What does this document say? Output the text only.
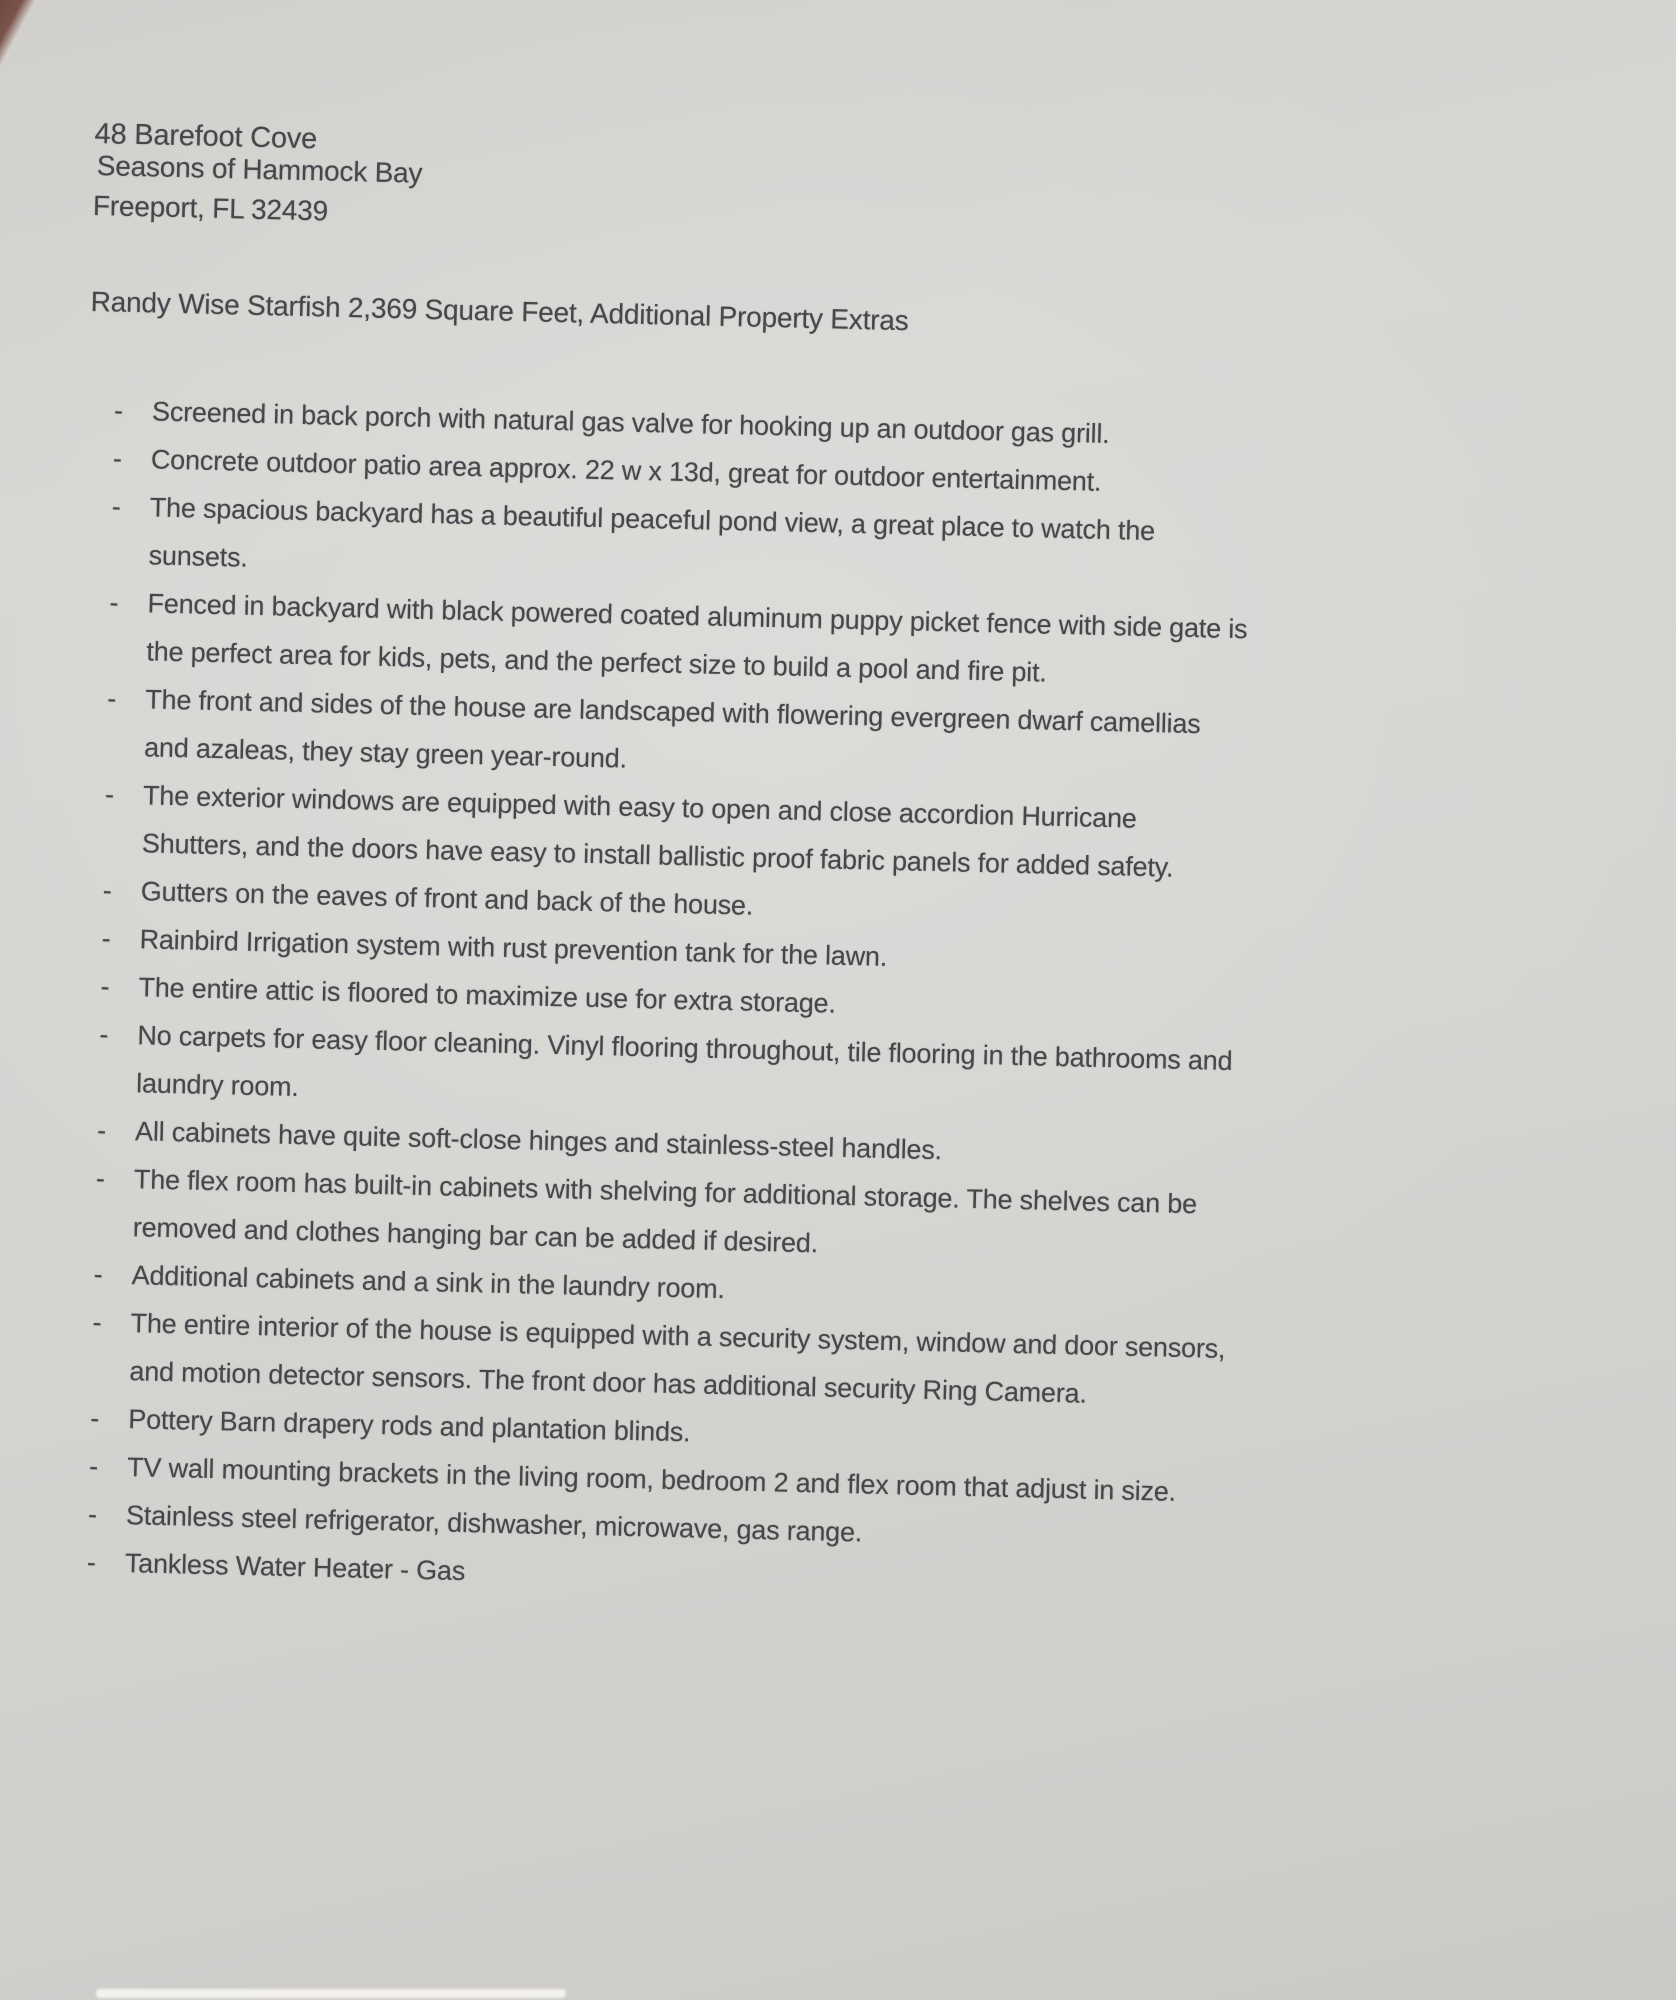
48 Barefoot Cove
Seasons of Hammock Bay
Freeport, FL 32439
Randy Wise Starfish 2,369 Square Feet, Additional Property Extras
-	Screened in back porch with natural gas valve for hooking up an outdoor gas grill.
-	Concrete outdoor patio area approx. 22 w x 13d, great for outdoor entertainment.
-	The spacious backyard has a beautiful peaceful pond view, a great place to watch the sunsets.
-	Fenced in backyard with black powered coated aluminum puppy picket fence with side gate is the perfect area for kids, pets, and the perfect size to build a pool and fire pit.
-	The front and sides of the house are landscaped with flowering evergreen dwarf camellias and azaleas, they stay green year-round.
-	The exterior windows are equipped with easy to open and close accordion Hurricane Shutters, and the doors have easy to install ballistic proof fabric panels for added safety.
-	Gutters on the eaves of front and back of the house.
-	Rainbird Irrigation system with rust prevention tank for the lawn.
-	The entire attic is floored to maximize use for extra storage.
-	No carpets for easy floor cleaning. Vinyl flooring throughout, tile flooring in the bathrooms and laundry room.
-	All cabinets have quite soft-close hinges and stainless-steel handles.
-	The flex room has built-in cabinets with shelving for additional storage. The shelves can be removed and clothes hanging bar can be added if desired.
-	Additional cabinets and a sink in the laundry room.
-	The entire interior of the house is equipped with a security system, window and door sensors, and motion detector sensors. The front door has additional security Ring Camera.
-	Pottery Barn drapery rods and plantation blinds.
-	TV wall mounting brackets in the living room, bedroom 2 and flex room that adjust in size.
-	Stainless steel refrigerator, dishwasher, microwave, gas range.
-	Tankless Water Heater - Gas
